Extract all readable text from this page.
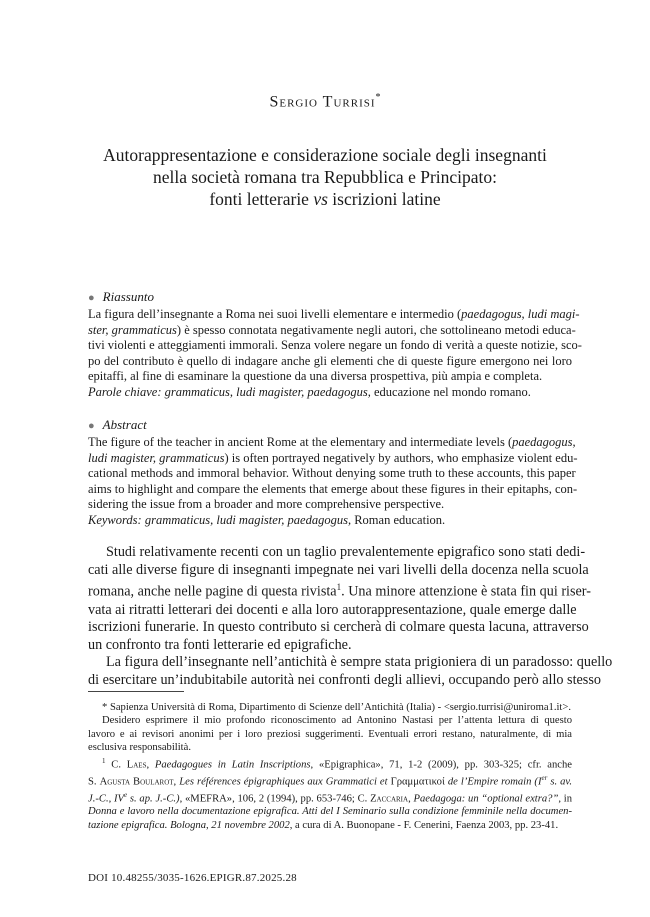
Sergio Turrisi*
Autorappresentazione e considerazione sociale degli insegnanti
nella società romana tra Repubblica e Principato:
fonti letterarie vs iscrizioni latine
● Riassunto
La figura dell’insegnante a Roma nei suoi livelli elementare e intermedio (paedagogus, ludi magi-
ster, grammaticus) è spesso connotata negativamente negli autori, che sottolineano metodi educa-
tivi violenti e atteggiamenti immorali. Senza volere negare un fondo di verità a queste notizie, sco-
po del contributo è quello di indagare anche gli elementi che di queste figure emergono nei loro
epitaffi, al fine di esaminare la questione da una diversa prospettiva, più ampia e completa.
Parole chiave: grammaticus, ludi magister, paedagogus, educazione nel mondo romano.
● Abstract
The figure of the teacher in ancient Rome at the elementary and intermediate levels (paedagogus,
ludi magister, grammaticus) is often portrayed negatively by authors, who emphasize violent edu-
cational methods and immoral behavior. Without denying some truth to these accounts, this paper
aims to highlight and compare the elements that emerge about these figures in their epitaphs, con-
sidering the issue from a broader and more comprehensive perspective.
Keywords: grammaticus, ludi magister, paedagogus, Roman education.
Studi relativamente recenti con un taglio prevalentemente epigrafico sono stati dedi-
cati alle diverse figure di insegnanti impegnate nei vari livelli della docenza nella scuola
romana, anche nelle pagine di questa rivista$^1$. Una minore attenzione è stata fin qui riser-
vata ai ritratti letterari dei docenti e alla loro autorappresentazione, quale emerge dalle
iscrizioni funerarie. In questo contributo si cercherà di colmare questa lacuna, attraverso
un confronto tra fonti letterarie ed epigrafiche.
La figura dell’insegnante nell’antichità è sempre stata prigioniera di un paradosso: quello
di esercitare un’indubitabile autorità nei confronti degli allievi, occupando però allo stesso
* Sapienza Università di Roma, Dipartimento di Scienze dell’Antichità (Italia) - <sergio.turrisi@uniroma1.it>.
Desidero esprimere il mio profondo riconoscimento ad Antonino Nastasi per l’attenta lettura di questo
lavoro e ai revisori anonimi per i loro preziosi suggerimenti. Eventuali errori restano, naturalmente, di mia
esclusiva responsabilità.
$^1$ C. Laes, Paedagogues in Latin Inscriptions, «Epigraphica», 71, 1-2 (2009), pp. 303-325; cfr. anche
S. Agusta Boularot, Les références épigraphiques aux Grammatici et Γραμματικοί de l’Empire romain (Ier s. av.
J.-C., IVe s. ap. J.-C.), «MEFRA», 106, 2 (1994), pp. 653-746; C. Zaccaria, Paedagoga: un “optional extra?”, in
Donna e lavoro nella documentazione epigrafica. Atti del I Seminario sulla condizione femminile nella documen-
tazione epigrafica. Bologna, 21 novembre 2002, a cura di A. Buonopane - F. Cenerini, Faenza 2003, pp. 23-41.
DOI 10.48255/3035-1626.EPIGR.87.2025.28
